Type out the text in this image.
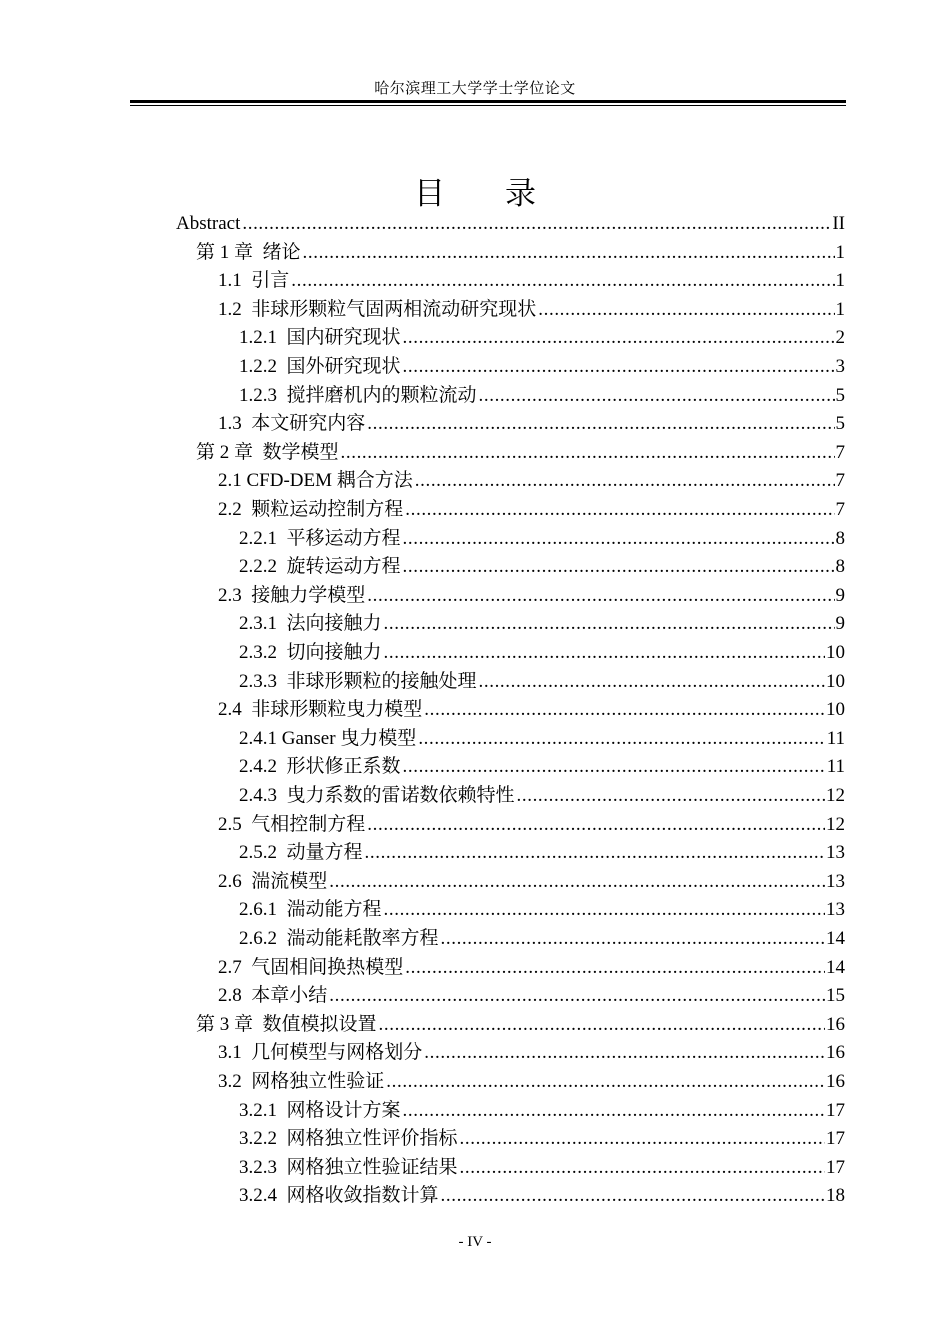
哈尔滨理工大学学士学位论文
目 录
Abstract .....	II
第 1 章  绪论 .....	1
1.1  引言 .....	1
1.2  非球形颗粒气固两相流动研究现状 .....	1
1.2.1  国内研究现状 .....	2
1.2.2  国外研究现状 .....	3
1.2.3  搅拌磨机内的颗粒流动 .....	5
1.3  本文研究内容 .....	5
第 2 章  数学模型 .....	7
2.1 CFD-DEM 耦合方法 .....	7
2.2  颗粒运动控制方程 .....	7
2.2.1  平移运动方程 .....	8
2.2.2  旋转运动方程 .....	8
2.3  接触力学模型 .....	9
2.3.1  法向接触力 .....	9
2.3.2  切向接触力 .....	10
2.3.3  非球形颗粒的接触处理 .....	10
2.4  非球形颗粒曳力模型 .....	10
2.4.1 Ganser 曳力模型 .....	11
2.4.2  形状修正系数 .....	11
2.4.3  曳力系数的雷诺数依赖特性 .....	12
2.5  气相控制方程 .....	12
2.5.2  动量方程 .....	13
2.6  湍流模型 .....	13
2.6.1  湍动能方程 .....	13
2.6.2  湍动能耗散率方程 .....	14
2.7  气固相间换热模型 .....	14
2.8  本章小结 .....	15
第 3 章  数值模拟设置 .....	16
3.1  几何模型与网格划分 .....	16
3.2  网格独立性验证 .....	16
3.2.1  网格设计方案 .....	17
3.2.2  网格独立性评价指标 .....	17
3.2.3  网格独立性验证结果 .....	17
3.2.4  网格收敛指数计算 .....	18
- IV -
